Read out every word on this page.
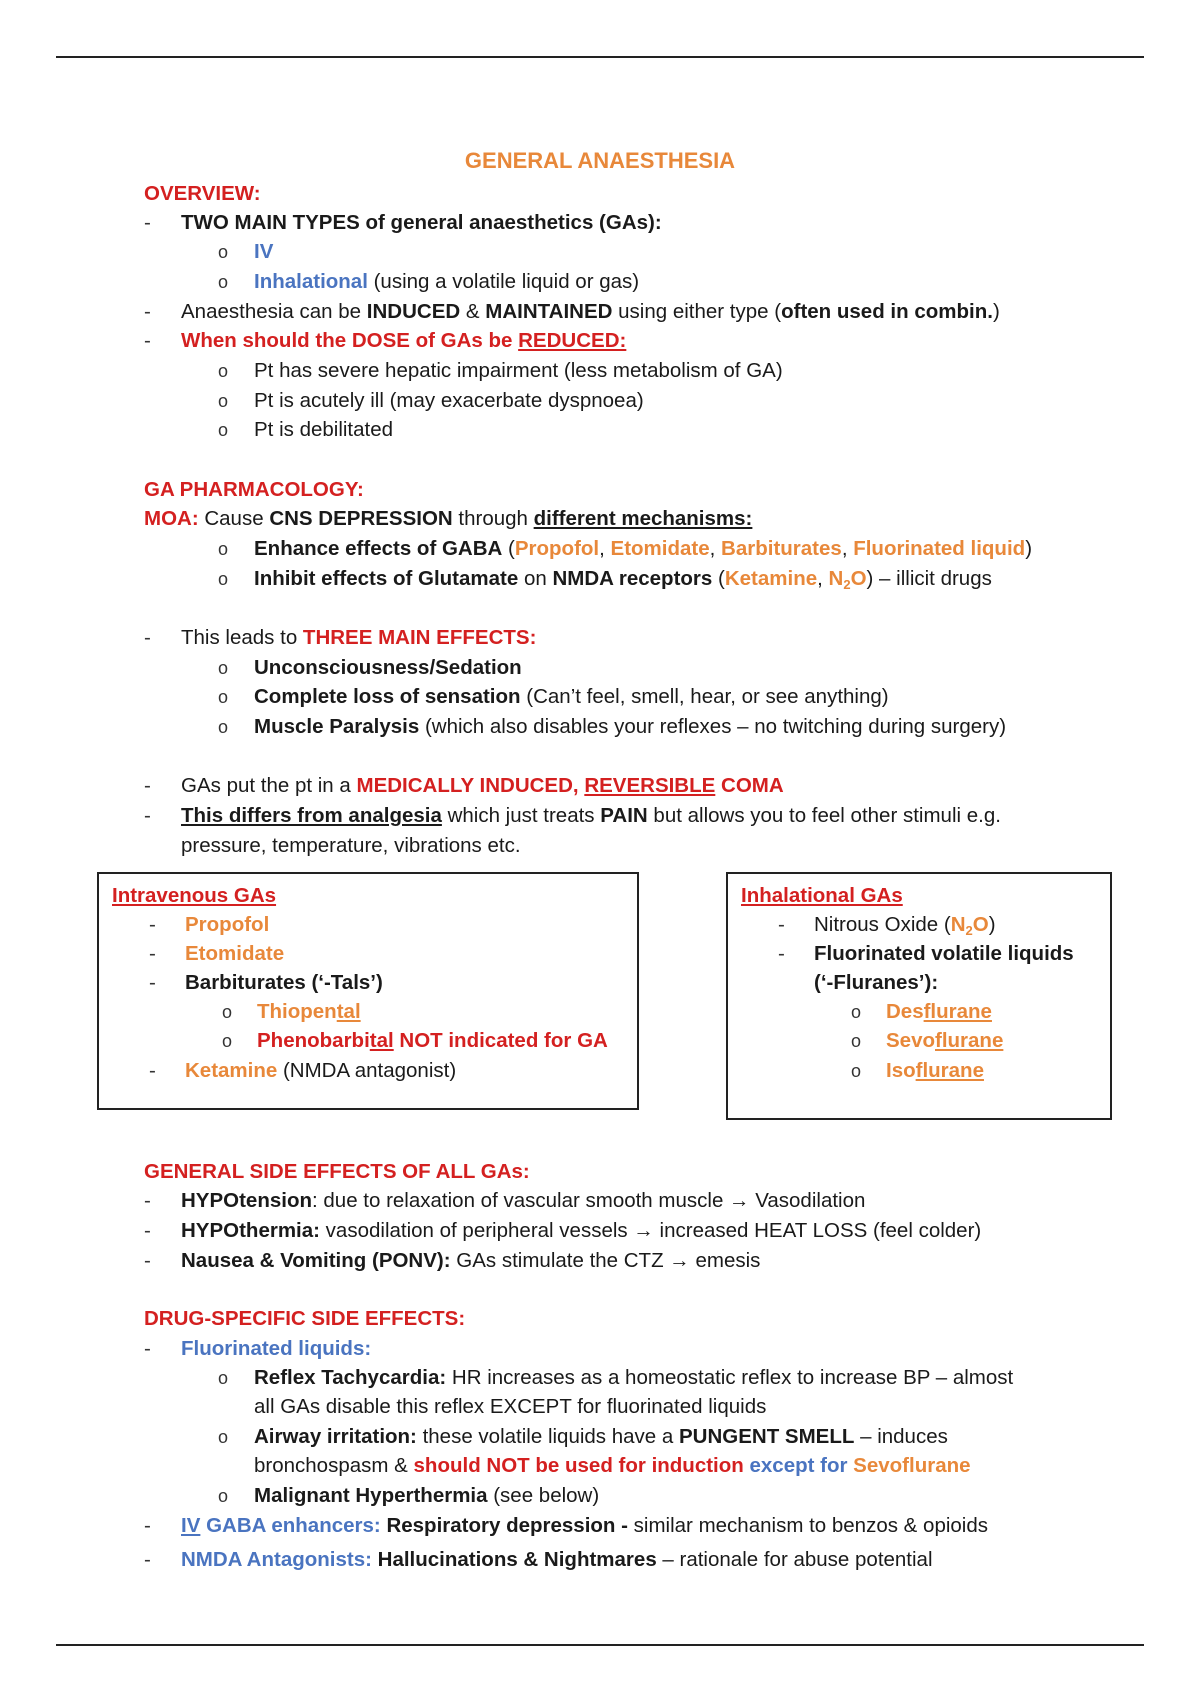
GENERAL ANAESTHESIA
OVERVIEW:
- TWO MAIN TYPES of general anaesthetics (GAs):
o IV
o Inhalational (using a volatile liquid or gas)
- Anaesthesia can be INDUCED & MAINTAINED using either type (often used in combin.)
- When should the DOSE of GAs be REDUCED:
o Pt has severe hepatic impairment (less metabolism of GA)
o Pt is acutely ill (may exacerbate dyspnoea)
o Pt is debilitated
GA PHARMACOLOGY:
MOA: Cause CNS DEPRESSION through different mechanisms:
o Enhance effects of GABA (Propofol, Etomidate, Barbiturates, Fluorinated liquid)
o Inhibit effects of Glutamate on NMDA receptors (Ketamine, $N_2O$) – illicit drugs
- This leads to THREE MAIN EFFECTS:
o Unconsciousness/Sedation
o Complete loss of sensation (Can’t feel, smell, hear, or see anything)
o Muscle Paralysis (which also disables your reflexes – no twitching during surgery)
- GAs put the pt in a MEDICALLY INDUCED, REVERSIBLE COMA
- This differs from analgesia which just treats PAIN but allows you to feel other stimuli e.g.
pressure, temperature, vibrations etc.
Intravenous GAs
- Propofol
- Etomidate
- Barbiturates (‘-Tals’)
o Thiopental
o Phenobarbital NOT indicated for GA
- Ketamine (NMDA antagonist)
Inhalational GAs
- Nitrous Oxide $(N_2O)$
- Fluorinated volatile liquids
(‘-Fluranes’):
o Desflurane
o Sevoflurane
o Isoflurane
GENERAL SIDE EFFECTS OF ALL GAs:
- HYPOtension: due to relaxation of vascular smooth muscle → Vasodilation
- HYPOthermia: vasodilation of peripheral vessels → increased HEAT LOSS (feel colder)
- Nausea & Vomiting (PONV): GAs stimulate the CTZ → emesis
DRUG-SPECIFIC SIDE EFFECTS:
- Fluorinated liquids:
o Reflex Tachycardia: HR increases as a homeostatic reflex to increase BP – almost
all GAs disable this reflex EXCEPT for fluorinated liquids
o Airway irritation: these volatile liquids have a PUNGENT SMELL – induces
bronchospasm & should NOT be used for induction except for Sevoflurane
o Malignant Hyperthermia (see below)
- IV GABA enhancers: Respiratory depression - similar mechanism to benzos & opioids
- NMDA Antagonists: Hallucinations & Nightmares – rationale for abuse potential
